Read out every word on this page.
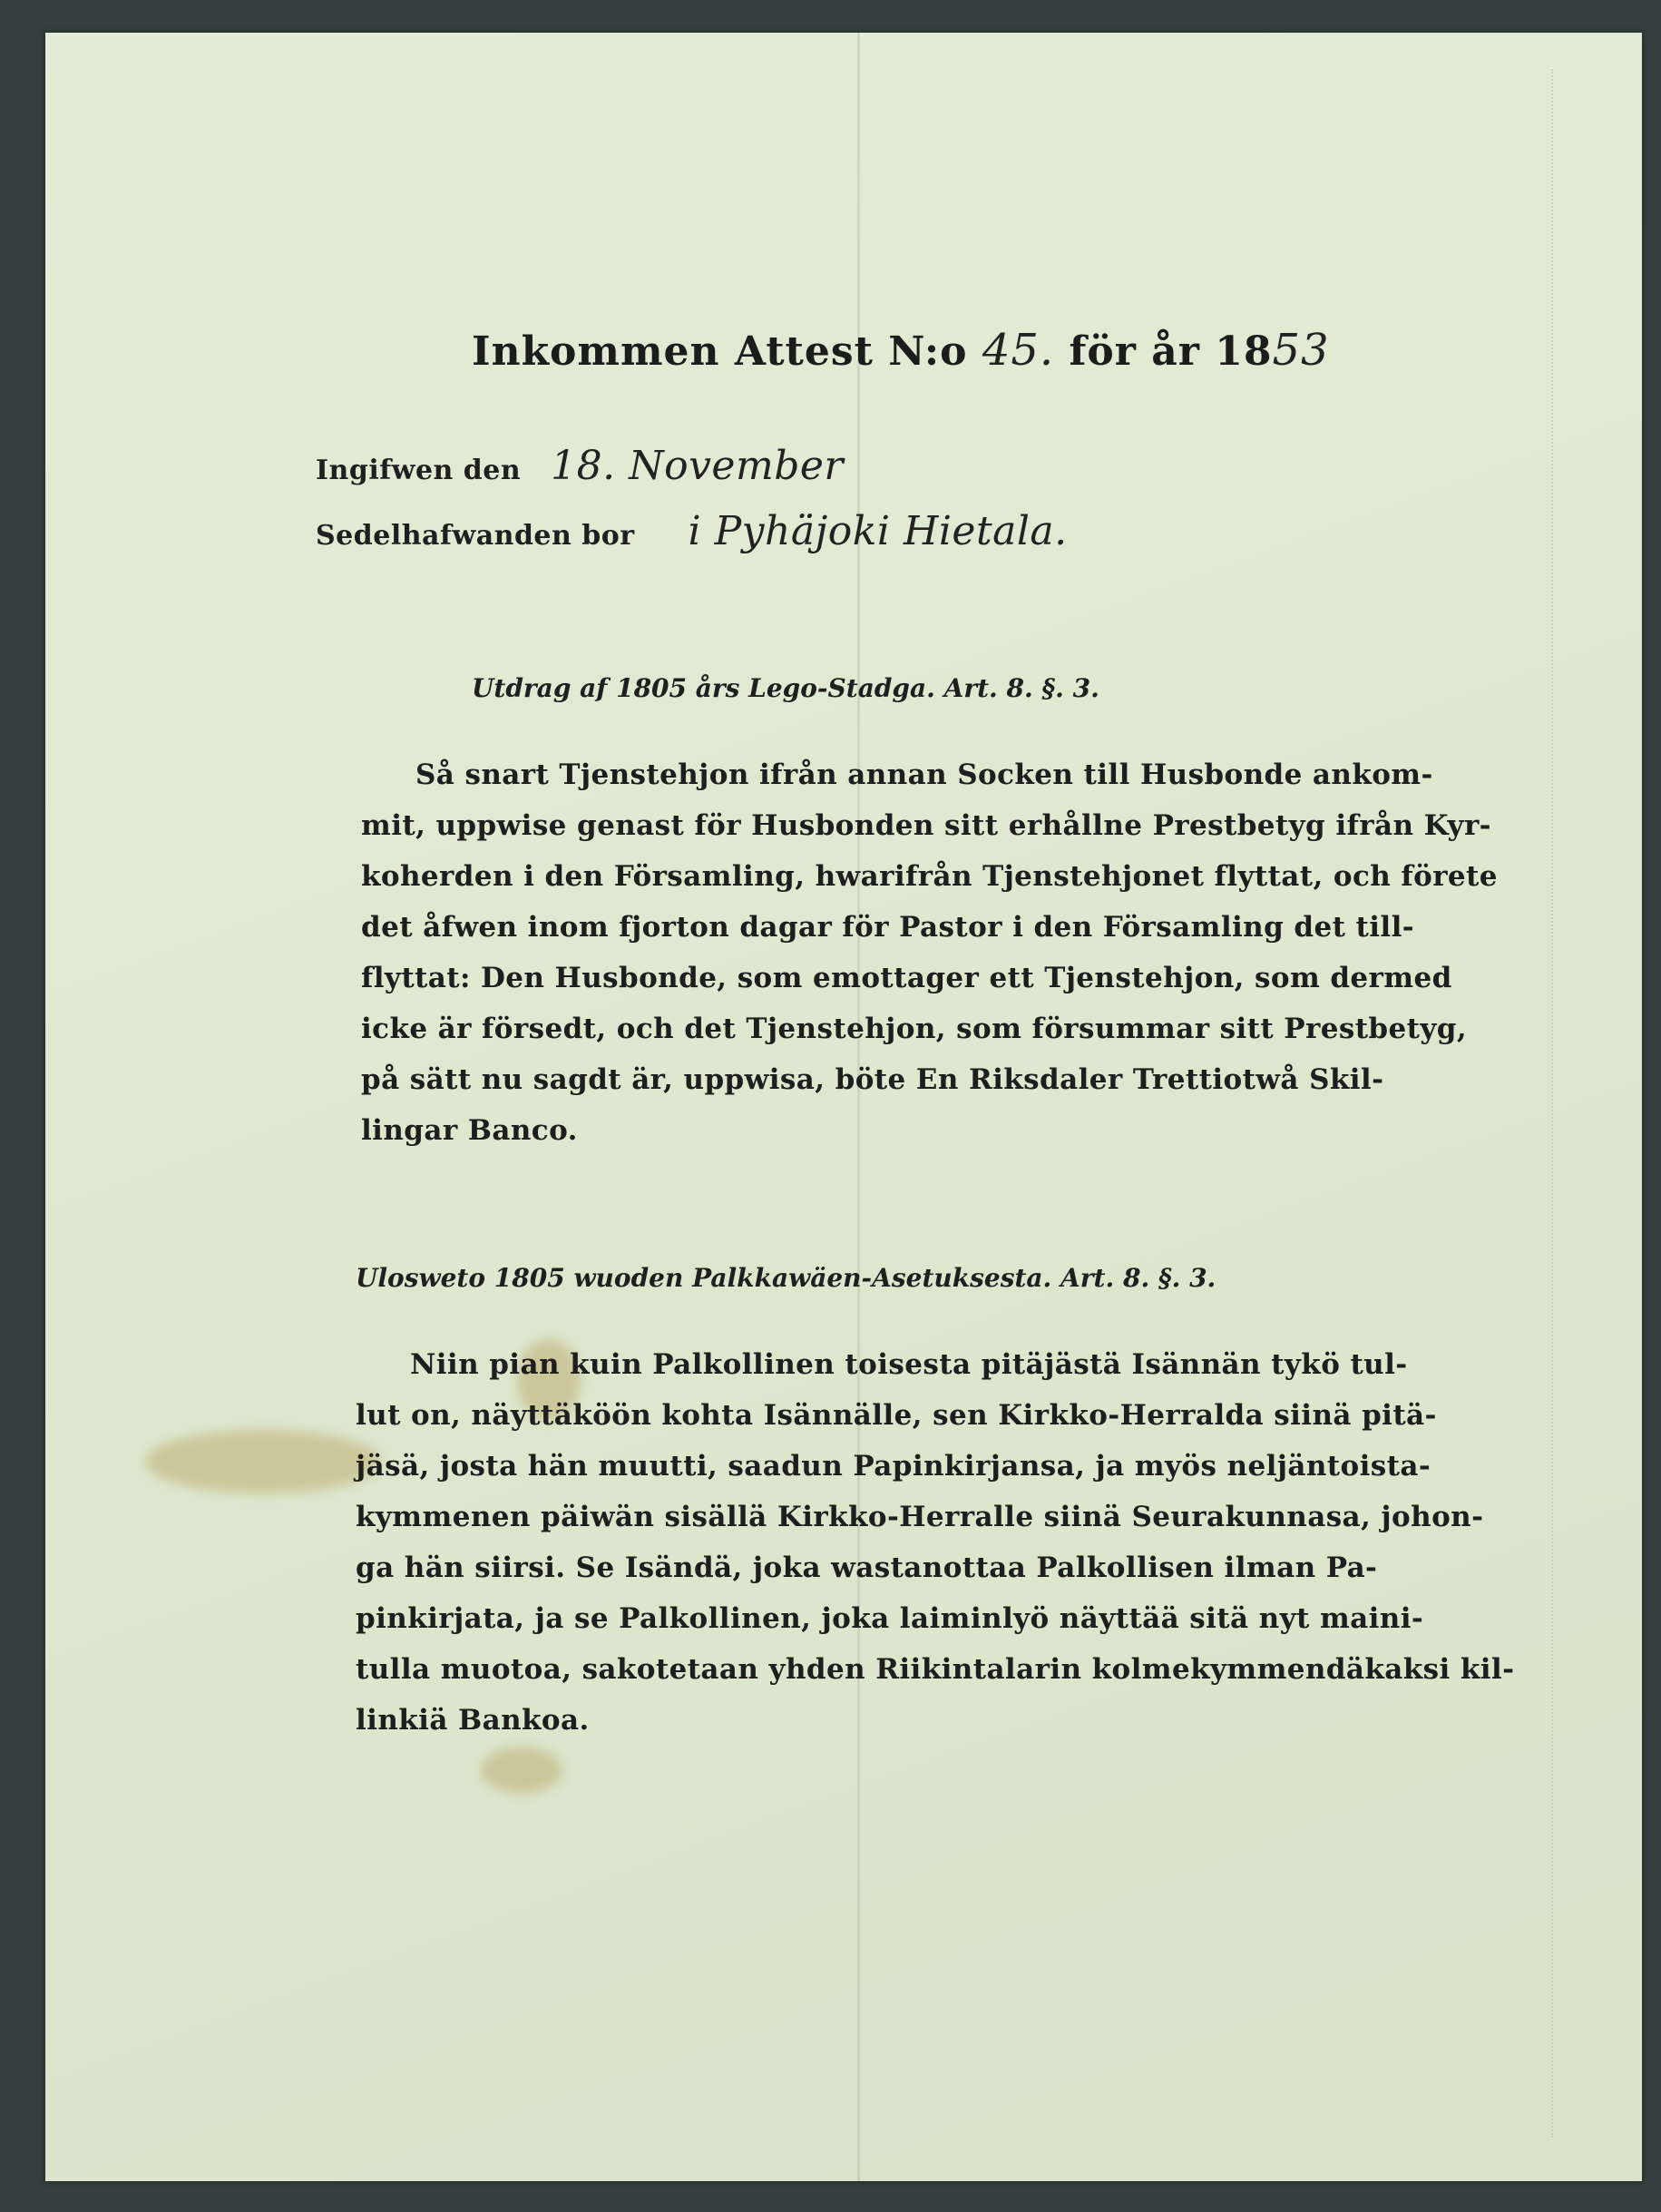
Inkommen Attest N:o 45. för år 1853
Ingifwen den 18. November
Sedelhafwanden bor i Pyhäjoki Hietala.
Utdrag af 1805 års Lego-Stadga. Art. 8. §. 3.
Så snart Tjenstehjon ifrån annan Socken till Husbonde ankom-
mit, uppwise genast för Husbonden sitt erhållne Prestbetyg ifrån Kyr-
koherden i den Församling, hwarifrån Tjenstehjonet flyttat, och förete
det åfwen inom fjorton dagar för Pastor i den Församling det till-
flyttat: Den Husbonde, som emottager ett Tjenstehjon, som dermed
icke är försedt, och det Tjenstehjon, som försummar sitt Prestbetyg,
på sätt nu sagdt är, uppwisa, böte En Riksdaler Trettiotwå Skil-
lingar Banco.
Ulosweto 1805 wuoden Palkkawäen-Asetuksesta. Art. 8. §. 3.
Niin pian kuin Palkollinen toisesta pitäjästä Isännän tykö tul-
lut on, näyttäköön kohta Isännälle, sen Kirkko-Herralda siinä pitä-
jäsä, josta hän muutti, saadun Papinkirjansa, ja myös neljäntoista-
kymmenen päiwän sisällä Kirkko-Herralle siinä Seurakunnasa, johon-
ga hän siirsi. Se Isändä, joka wastanottaa Palkollisen ilman Pa-
pinkirjata, ja se Palkollinen, joka laiminlyö näyttää sitä nyt maini-
tulla muotoa, sakotetaan yhden Riikintalarin kolmekymmendäkaksi kil-
linkiä Bankoa.
